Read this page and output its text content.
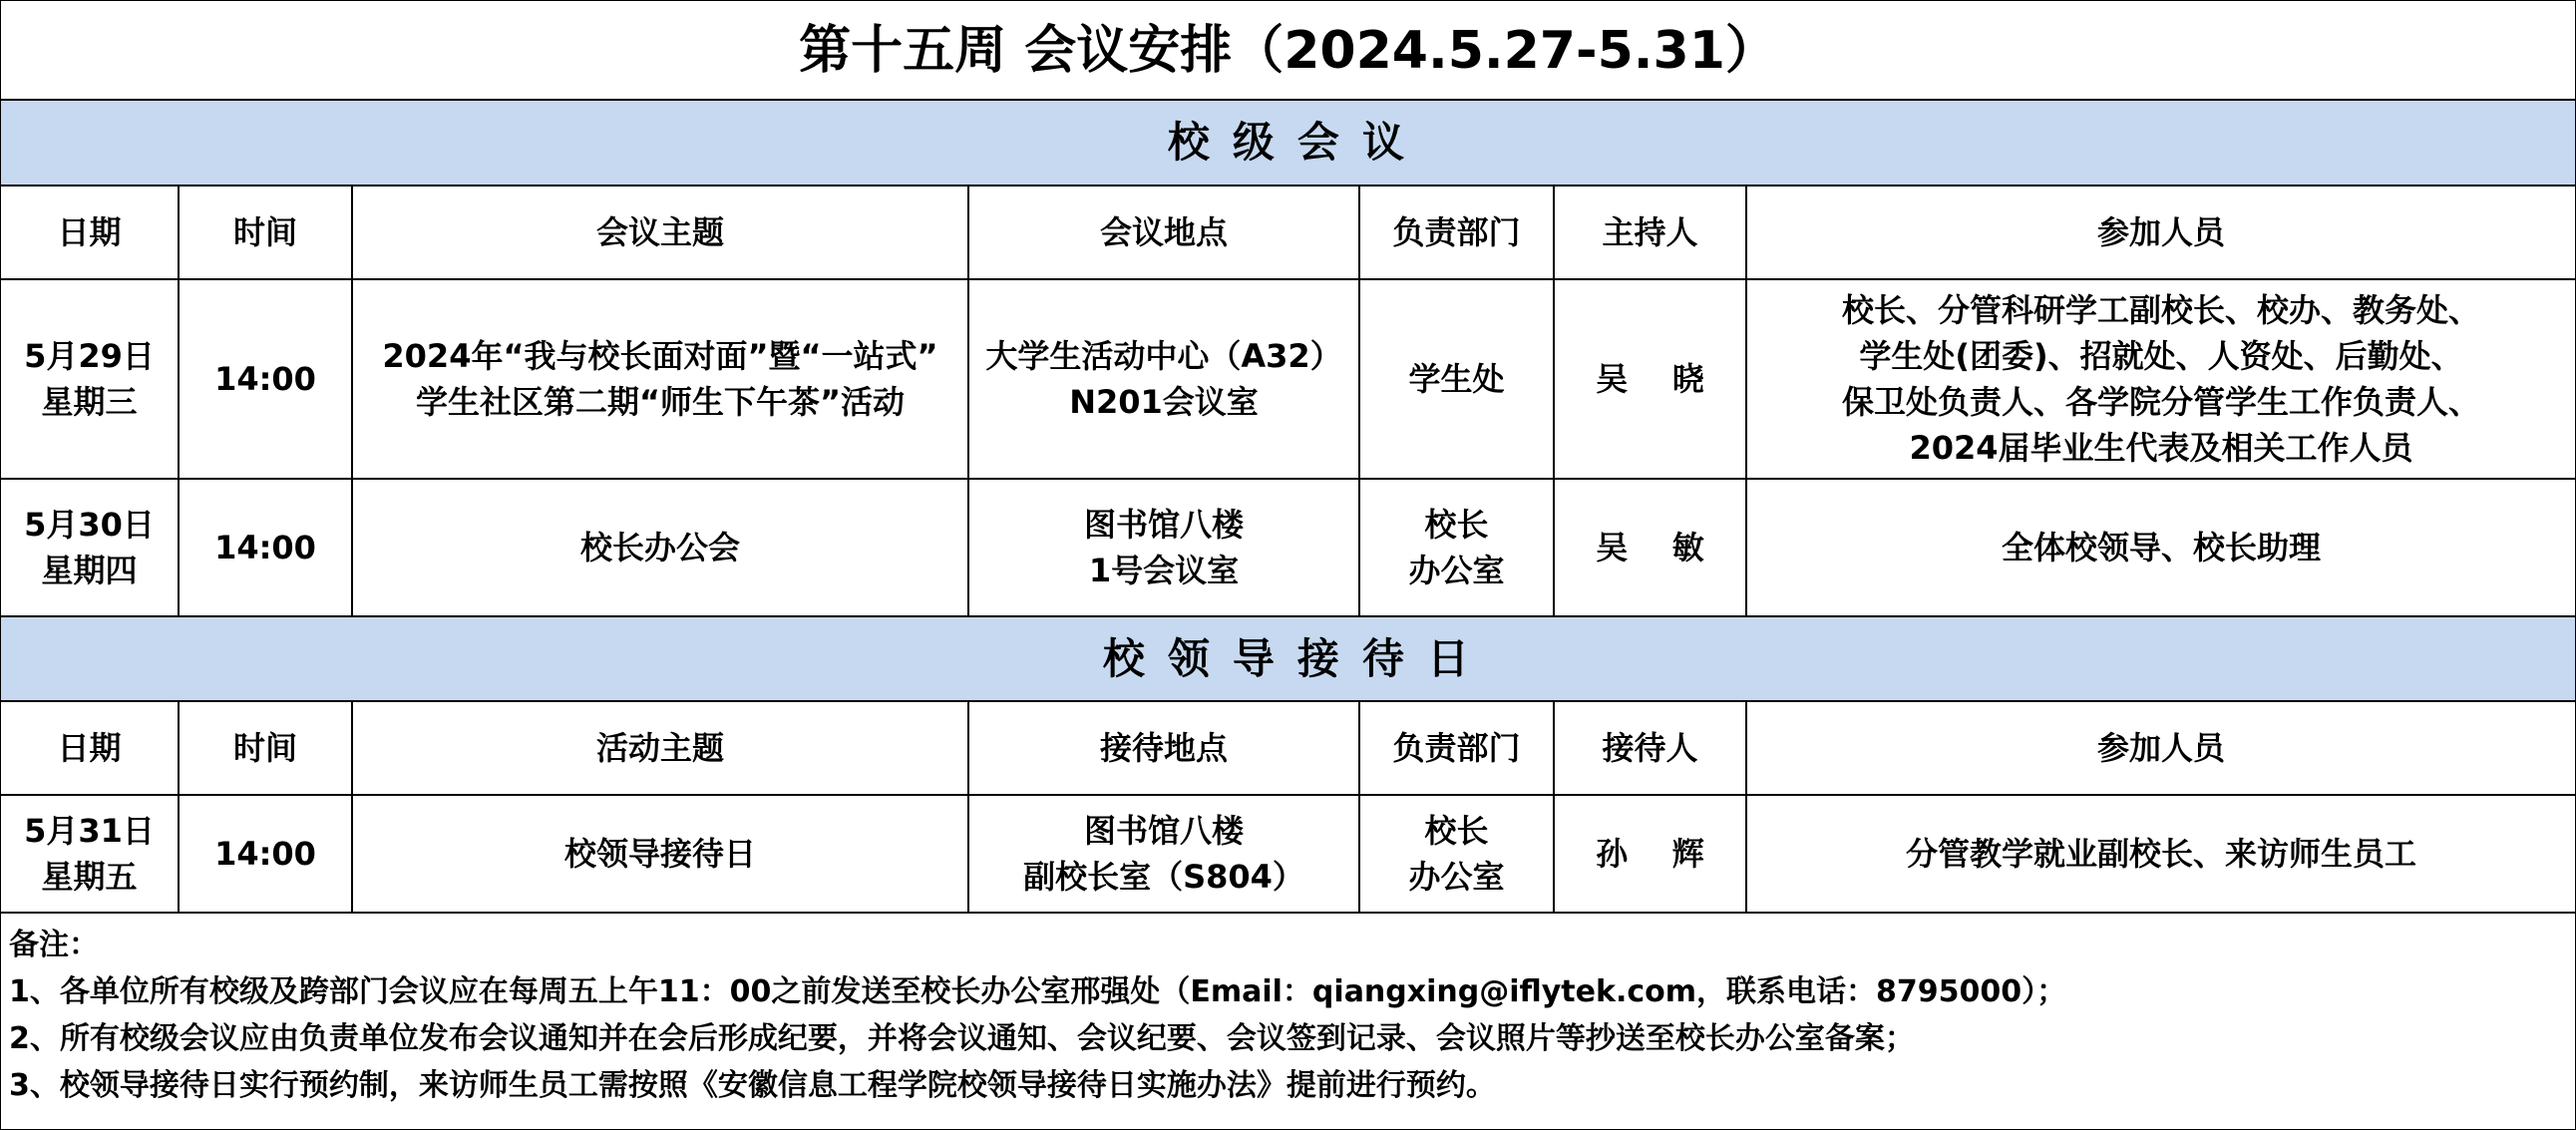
第十五周 会议安排（2024.5.27-5.31）
校 级 会 议						
日期	时间	会议主题	会议地点	负责部门	主持人	参加人员

5月29日
星期三	14:00	2024年“我与校长面对面”暨“一站式”
学生社区第二期“师生下午茶”活动	大学生活动中心（A32）
N201会议室	学生处	吴    晓	校长、分管科研学工副校长、校办、教务处、
学生处(团委)、招就处、人资处、后勤处、
保卫处负责人、各学院分管学生工作负责人、
2024届毕业生代表及相关工作人员

5月30日
星期四	14:00	校长办公会	图书馆八楼
1号会议室	校长
办公室	吴    敏	全体校领导、校长助理

校 领 导 接 待 日						
日期	时间	活动主题	接待地点	负责部门	接待人	参加人员

5月31日
星期五	14:00	校领导接待日	图书馆八楼
副校长室（S804）	校长
办公室	孙    辉	分管教学就业副校长、来访师生员工
备注：
1、各单位所有校级及跨部门会议应在每周五上午11：00之前发送至校长办公室邢强处（Email：qiangxing@iflytek.com，联系电话：8795000）；
2、所有校级会议应由负责单位发布会议通知并在会后形成纪要，并将会议通知、会议纪要、会议签到记录、会议照片等抄送至校长办公室备案；
3、校领导接待日实行预约制，来访师生员工需按照《安徽信息工程学院校领导接待日实施办法》提前进行预约。
